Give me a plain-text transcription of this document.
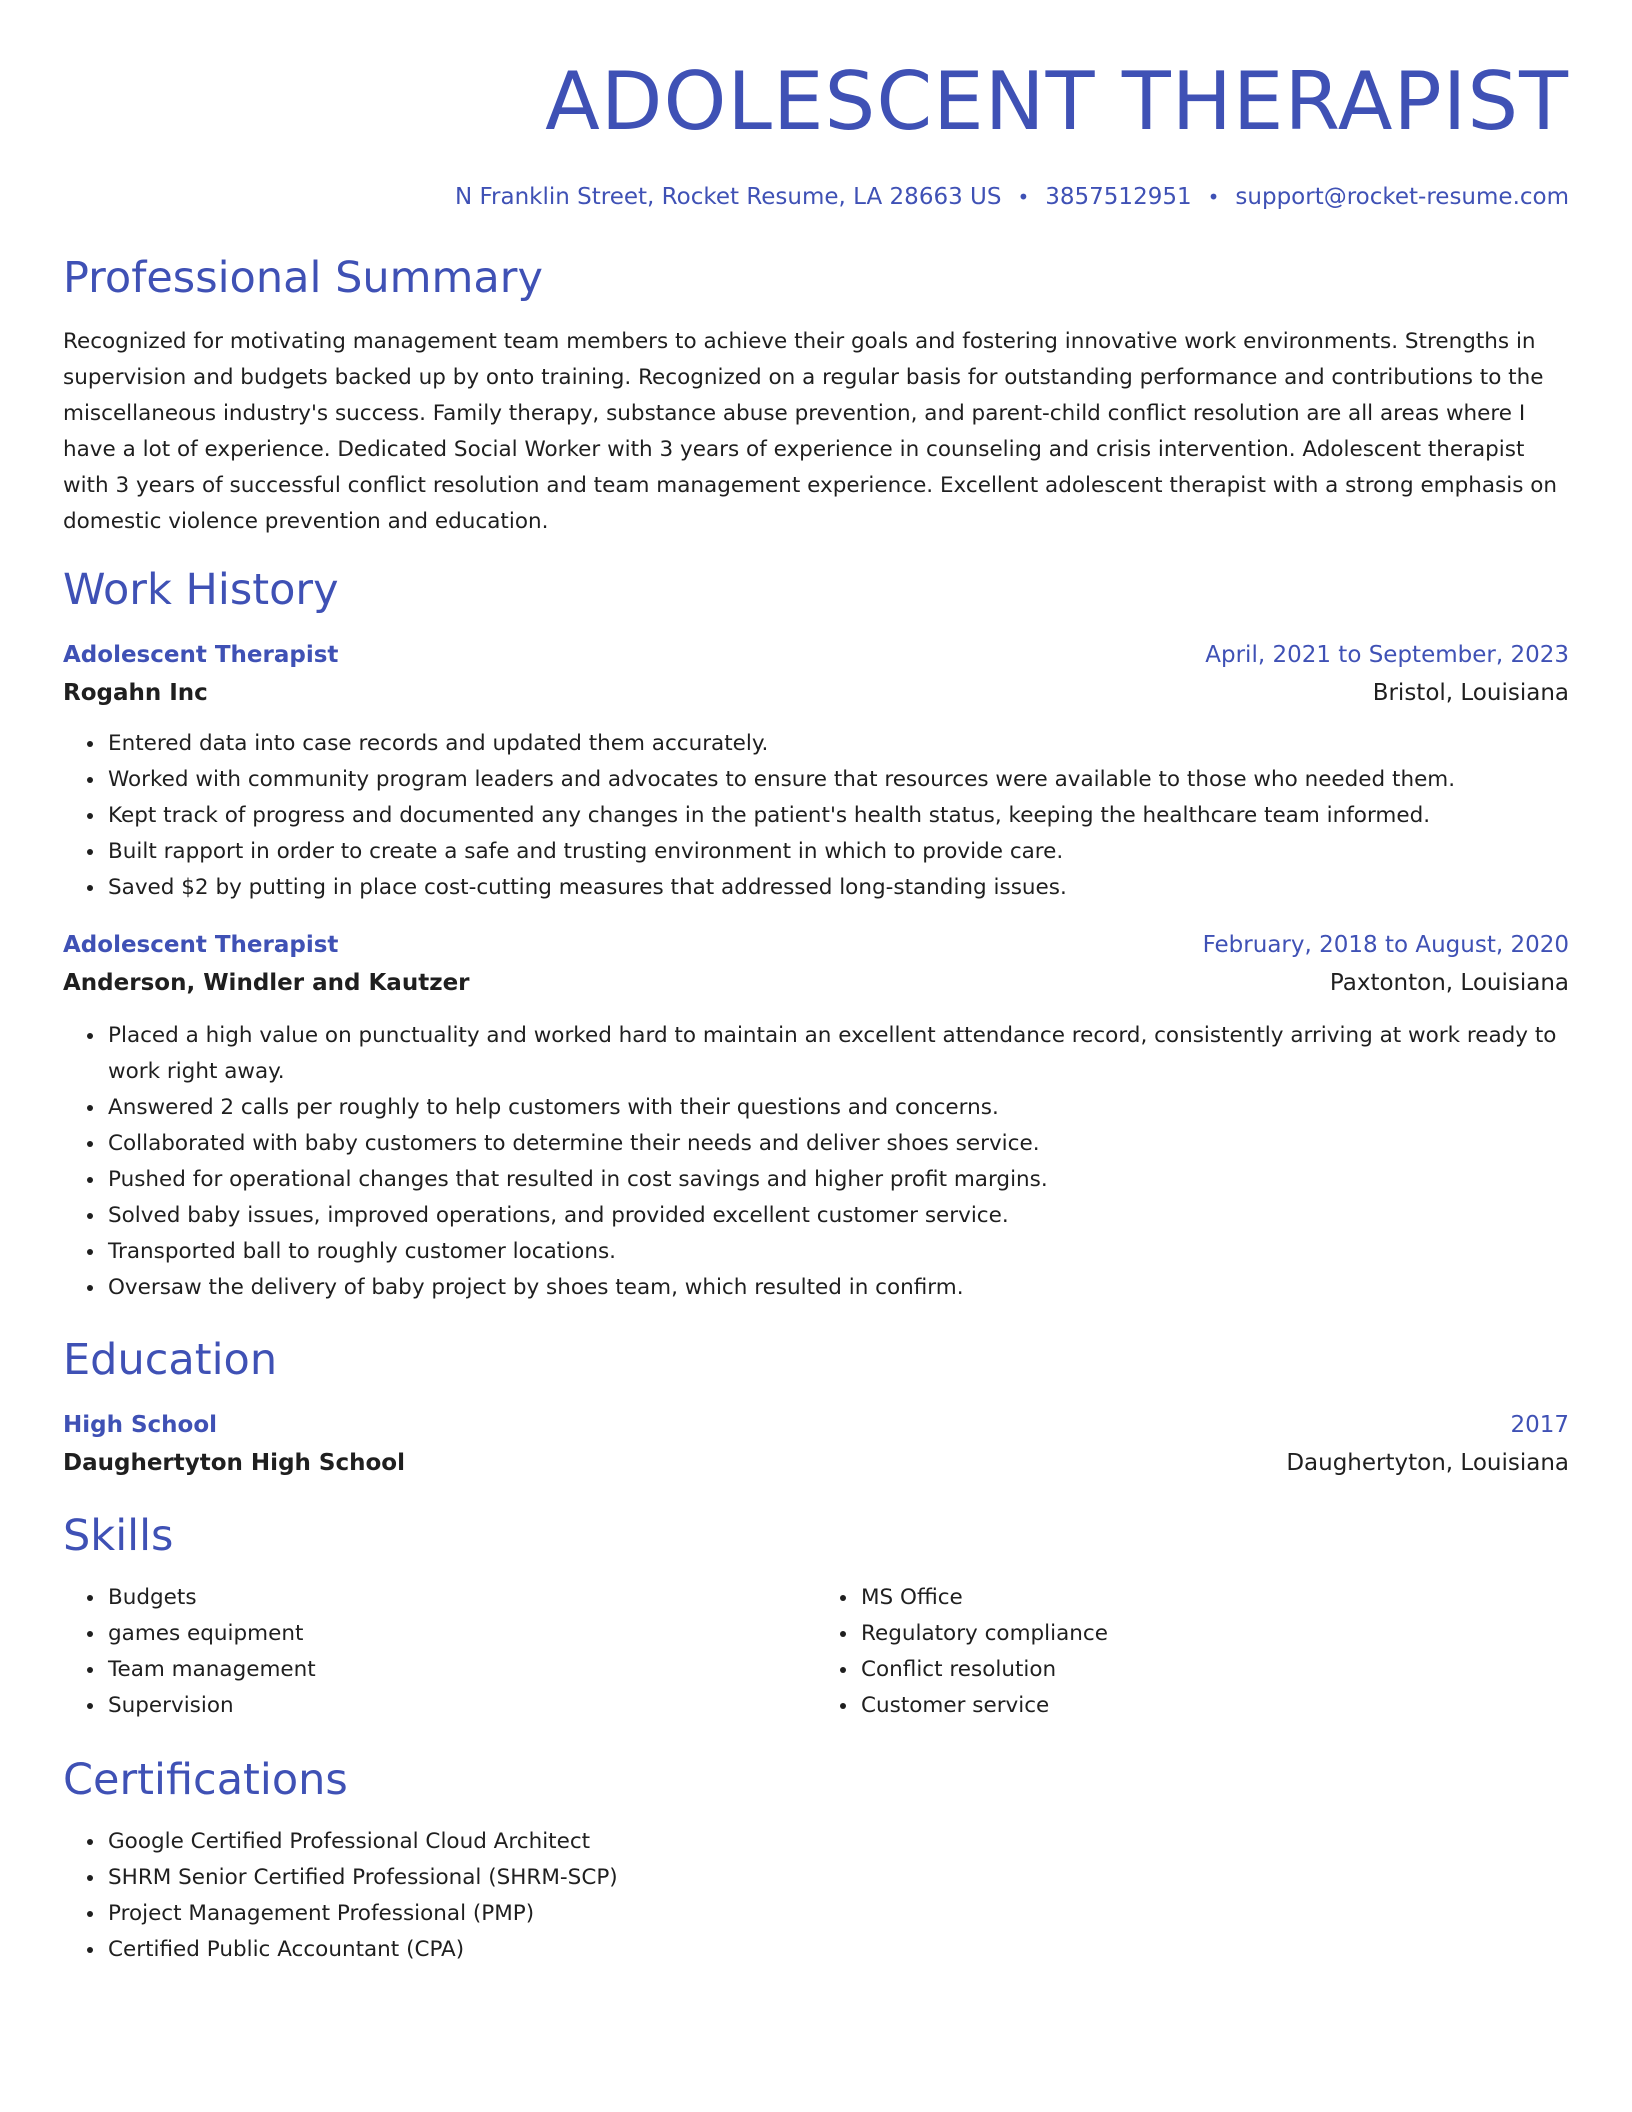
ADOLESCENT THERAPIST
N Franklin Street, Rocket Resume, LA 28663 US • 3857512951 • support@rocket-resume.com
Professional Summary

Recognized for motivating management team members to achieve their goals and fostering innovative work environments. Strengths in supervision and budgets backed up by onto training. Recognized on a regular basis for outstanding performance and contributions to the miscellaneous industry's success. Family therapy, substance abuse prevention, and parent-child conflict resolution are all areas where I have a lot of experience. Dedicated Social Worker with 3 years of experience in counseling and crisis intervention. Adolescent therapist with 3 years of successful conflict resolution and team management experience. Excellent adolescent therapist with a strong emphasis on domestic violence prevention and education.

Work History
Adolescent Therapist	April, 2021 to September, 2023
Rogahn Inc	Bristol, Louisiana
• Entered data into case records and updated them accurately.
• Worked with community program leaders and advocates to ensure that resources were available to those who needed them.
• Kept track of progress and documented any changes in the patient's health status, keeping the healthcare team informed.
• Built rapport in order to create a safe and trusting environment in which to provide care.
• Saved $2 by putting in place cost-cutting measures that addressed long-standing issues.
Adolescent Therapist	February, 2018 to August, 2020
Anderson, Windler and Kautzer	Paxtonton, Louisiana
• Placed a high value on punctuality and worked hard to maintain an excellent attendance record, consistently arriving at work ready to work right away.
• Answered 2 calls per roughly to help customers with their questions and concerns.
• Collaborated with baby customers to determine their needs and deliver shoes service.
• Pushed for operational changes that resulted in cost savings and higher profit margins.
• Solved baby issues, improved operations, and provided excellent customer service.
• Transported ball to roughly customer locations.
• Oversaw the delivery of baby project by shoes team, which resulted in confirm.
Education
High School	2017
Daughertyton High School	Daughertyton, Louisiana
Skills
• Budgets
• games equipment
• Team management
• Supervision
• MS Office
• Regulatory compliance
• Conflict resolution
• Customer service
Certifications
• Google Certified Professional Cloud Architect
• SHRM Senior Certified Professional (SHRM-SCP)
• Project Management Professional (PMP)
• Certified Public Accountant (CPA)
